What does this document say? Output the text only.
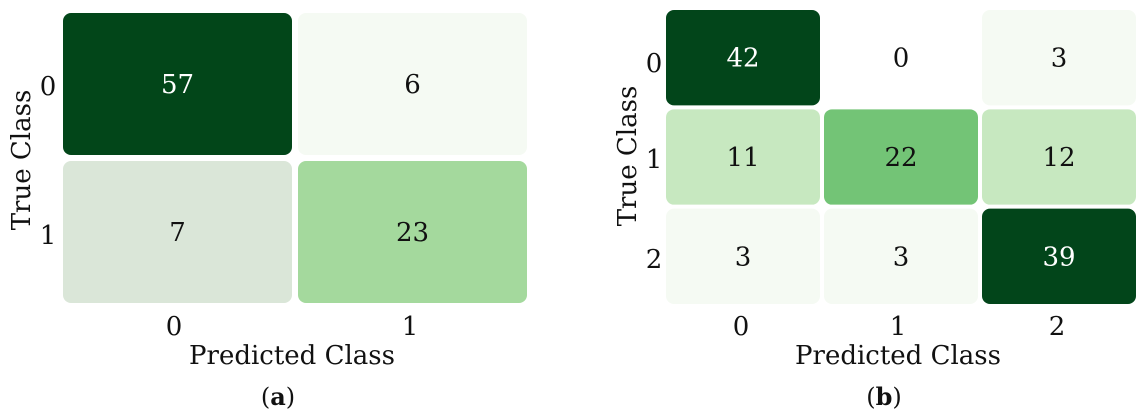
57	6
7	23
0
1
0	1
True Class
Predicted Class
(a)
42	0	3
11	22	12
3	3	39
0
1
2
0	1	2
True Class
Predicted Class
(b)
